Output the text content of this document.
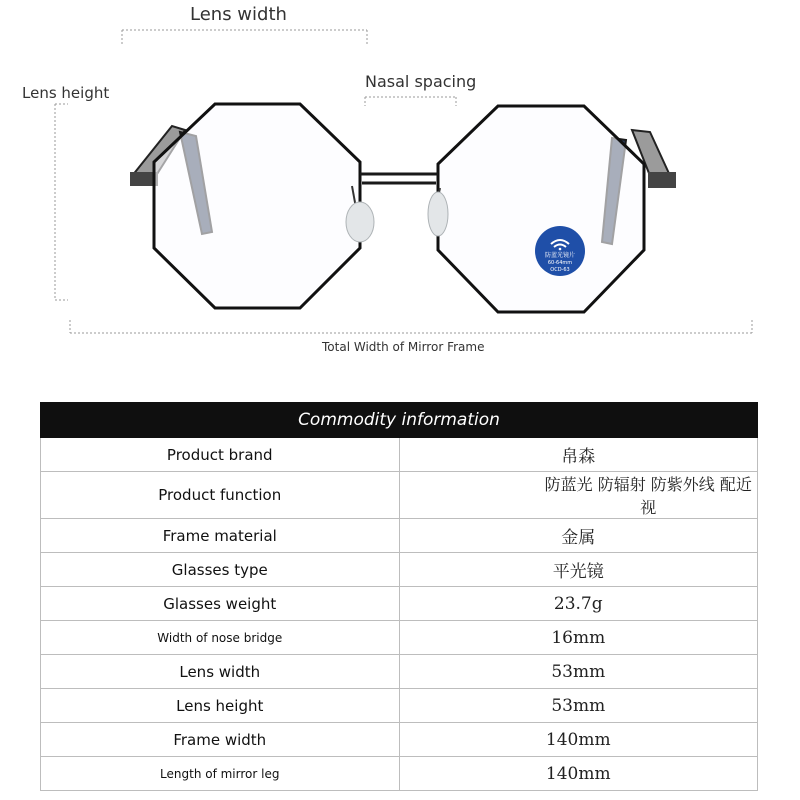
防蓝光镜片
60-64mm
OCD-63
Lens width
Lens height
Nasal spacing
Total Width of Mirror Frame
Commodity information	
Product brand	帛森
Product function	防蓝光 防辐射 防紫外线 配近视
Frame material	金属
Glasses type	平光镜
Glasses weight	23.7g
Width of nose bridge	16mm
Lens width	53mm
Lens height	53mm
Frame width	140mm
Length of mirror leg	140mm
